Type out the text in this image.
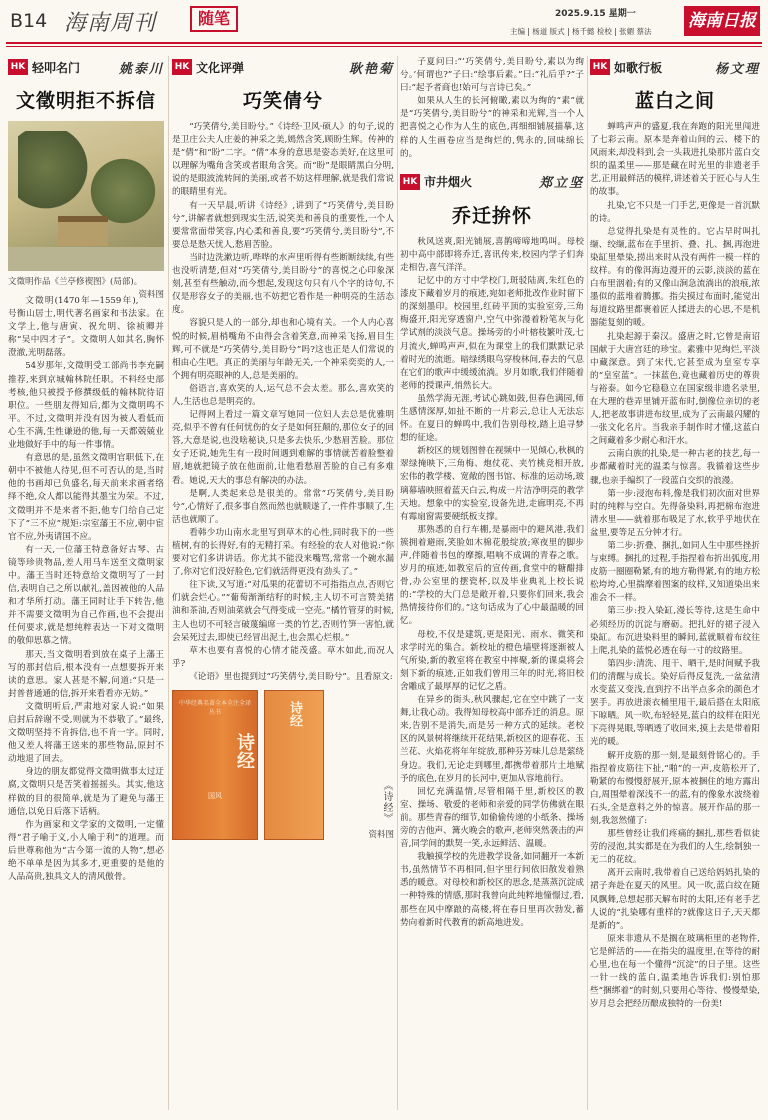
B14 海南周刊	随笔	2025.9.15 星期一
主编 | 杨道 版式 | 杨千懿 检校 | 张媚 蔡法
海南日报
HK 轻叩名门	姚泰川
文徵明拒不拆信
文徵明作品《兰亭修禊图》(局部)。
资料图

文徵明(1470年—1559年),号衡山居士,明代著名画家和书法家。在文学上,他与唐寅、祝允明、徐祯卿并称“吴中四才子”。文徵明人如其名,胸怀澄澈,光明磊落。

54岁那年,文徵明受工部尚书李充嗣推荐,来到京城翰林院任职。不料经史部考核,他只被授予修撰级低的翰林院待诏职位。一些朋友得知后,都为文徵明鸣不平。不过,文徵明并没有因为被人看低而心生不满,生性谦逊的他,每一天都兢兢业业地做好手中的每一件事情。

有意思的是,虽然文徵明官职低下,在朝中不被他人待见,但不可否认的是,当时他的书画却已负盛名,每天前来求画者络绎不绝,众人都以能得其墨宝为荣。不过,文徵明并不是来者不拒,他专门给自己定下了“三不应”规矩:宗室藩王不应,朝中宦官不应,外夷请国不应。

有一天,一位藩王特意备好古琴、古镜等珍贵物品,差人用马车送至文徵明家中。藩王当时还特意给文徵明写了一封信,表明自己之所以献礼,盖因被他的人品和才华所打动。藩王同时让手下转告,他并不需要文徵明为自己作画,也不会提出任何要求,就是想纯粹表达一下对文徵明的敬仰思慕之情。

那天,当文徵明看到放在桌子上藩王写的那封信后,根本没有一点想要拆开来读的意思。家人甚是不解,问道:“只是一封普普通通的信,拆开来看看亦无妨。”

文徵明听后,严肃地对家人说:“如果启封后辞谢不受,则就为不恭敬了。”最终,文徵明坚持不肯拆信,也不肯一字。同时,他又差人将藩王送来的那些物品,原封不动地退了回去。

身边的朋友都觉得文徵明做事太过迂腐,文徵明只是苦笑着摇摇头。其实,他这样做的目的很简单,就是为了避免与藩王通信,以免日后落下话柄。

作为画家和文学家的文徵明,一定懂得“君子喻于义,小人喻于利”的道理。而后世尊称他为“古今第一流的人物”,想必绝不单单是因为其多才,更重要的是他的人品高贵,独具文人的清风傲骨。

HK 文化评弹	耿艳菊
巧笑倩兮

“巧笑倩兮,美目盼兮。”《诗经·卫风·硕人》的句子,说的是卫庄公夫人庄姜的神采之美,嫣然含笑,顾盼生辉。传神的是“倩”和“盼”二字。“倩”本身的意思是姿态美好,在这里可以理解为嘴角含笑或者眼角含笑。而“盼”是眼睛黑白分明,说的是眼波流转间的美丽,或者不妨这样理解,就是我们常说的眼睛里有光。

有一天早晨,听讲《诗经》,讲到了“巧笑倩兮,美目盼兮”,讲解者就想到现实生活,说笑美和善良的重要性,一个人要常常面带笑容,内心柔和善良,要“巧笑倩兮,美目盼兮”,不要总是愁天忧人,愁眉苦脸。

当时边洗漱边听,哗哗的水声里听得有些断断续续,有些也没听清楚,但对“巧笑倩兮,美目盼兮”的喜悦之心印象深刻,甚至有些触动,而今想起,发现这句只有八个字的诗句,不仅是形容女子的美丽,也不妨把它看作是一种明亮的生活态度。

容貌只是人的一部分,却也和心境有关。一个人内心喜悦的时候,眉梢嘴角不由得会含着笑意,而神采飞扬,眉目生辉,可不就是“巧笑倩兮,美目盼兮”吗?这也正是人们常说的相由心生吧。真正的美丽与年龄无关,一个神采奕奕的人,一个拥有明亮眼神的人,总是美丽的。

俗语言,喜欢笑的人,运气总不会太差。那么,喜欢笑的人,生活也总是明亮的。

记得网上看过一篇文章写她同一位妇人去总是优雅明亮,似乎不曾有任何忧伤的女子是如何狂颠的,那位女子的回答,大意是说,也没啥秘诀,只是多去快乐,少愁眉苦脸。那位女子还说,她先生有一段时间遇到难解的事情就苦着脸整着眉,她就把镜子放在他面前,让他看愁眉苦脸的自己有多难看。她说,天大的事总有解决的办法。

是啊,人类起来总是很美的。常常“巧笑倩兮,美目盼兮”,心情好了,很多事自然而然也就顺遂了,一件件事顺了,生活也就顺了。

看韩少功山南水北里写到草木的心性,同时我下的一些植树,有的长得好,有的无精打采。有经验的农人对他说:“你要对它们多讲讲话。你尤其不能没来嘴骂,常常一个碗水漏了,你对它们没好脸色,它们就活得更没有劲头了。”

往下读,又写道:“对瓜果的花蕾切不可指指点点,否则它们就会烂心。”“葡萄渐渐结籽的时候,主人切不可言赞美猪油和茶油,否则油菜就会气得变成一空壳。”橘竹管芽的时候,主人也切不可轻言破蔑编席一类的竹艺,否则竹笋一害怕,就会呆死过去,即使已经冒出泥土,也会黑心烂根。”

草木也要有喜悦的心情才能茂盛。草木如此,而况人乎?

《论语》里也提到过“巧笑倩兮,美目盼兮”。且看原文:

中华经典名著全本全注全译丛书
诗经
国风
诗经
《诗经》
资料图

子夏问曰:“‘巧笑倩兮,美目盼兮,素以为绚兮。’何谓也?”子曰:“绘事后素。”曰:“礼后乎?”子曰:“起予者商也!始可与言诗已矣。”

如果从人生的长河俯瞰,素以为绚的“素”就是“巧笑倩兮,美目盼兮”的神采和光辉,当一个人把喜悦之心作为人生的底色,再细细铺展描摹,这样的人生画卷应当是绚烂的,隽永的,回味绵长的。

HK 市井烟火	郑立坚
乔迁拚怀

秋风送爽,阳光铺展,喜鹊啼啼地鸣叫。母校初中高中部即将乔迁,喜讯传来,校园内学子们奔走相告,喜气洋洋。

记忆中的方寸中学校门,斑驳陆离,朱红色的漆皮下藏着岁月的痕迹,宛如老师批改作业时留下的深刻墨印。校园里,红砖平顶的实验室旁,三角梅盛开,阳光穿透窗户,空气中弥漫着粉笔灰与化学试剂的淡淡气息。操场旁的小叶榕枝繁叶茂,七月流火,蝉鸣声声,似在为课堂上的我们默默记录着时光的流逝。暗绿绣眼鸟穿梭林间,春去的气息在它们的歌声中缓缓流淌。岁月如歌,我们伴随着老师的授课声,悄然长大。

虽然学海无涯,考试心跳如鼓,但春色满园,师生感情深厚,如扯不断的一片彩云,总让人无法忘怀。在夏日的蝉鸣中,我们告别母校,踏上追寻梦想的征途。

新校区的规划图曾在视频中一见倾心,秋枫的翠绿掩映下,三角梅、炮仗花、夹竹桃竞相开放,宏伟的教学楼、宽敞的图书馆、标准的运动场,玻璃幕墙映照着蓝天白云,构成一片洁净明亮的教学天地。想象中的实验室,设备先进,走廊明亮,不再有霉扇窗需要硬纸板支撑。

那熟悉的自行车棚,是暴雨中的避风港,我们簇拥着避雨,笑脸如木棉花般绽放;寒夜里的脚步声,伴随着书包的摩擦,唱响不成调的青春之歌。岁月的痕迹,如教室后的宣传画,食堂中的糖醋排骨,办公室里的摆瓷杯,以及毕业典礼上校长说的:“学校的大门总是敞开着,只要你们回来,我会热情接待你们的。”这句话成为了心中最温暖的回忆。

母校,不仅是建筑,更是阳光、雨水、微笑和求学时光的集合。新校址的橙色墙壁将逐渐被人气所染,新的教室将在教室中摔聚,新的课桌将会刻下新的痕迹,正如我们曾用三年的时光,将旧校舍雕成了最厚厚的记忆之盾。

在异乡的街头,秋风骤起,它在空中跳了一支舞,让我心动。我得知母校高中部乔迁的消息。原来,告别不是消失,而是另一种方式的延续。老校区的风景树将继续开花结果,新校区的迎春花、玉兰花、火焰花将年年绽放,那种芬芳味儿总是萦绕身边。我们,无论走到哪里,都携带着那片土地赋予的底色,在岁月的长河中,更加从容地前行。

回忆充满温情,尽管相隔千里,新校区的教室、操场、敬爱的老师和亲爱的同学仿佛就在眼前。那些青春的细节,如偷偷传递的小纸条、操场旁的吉他声、篝火晚会的歌声,老师突然袭击的声音,同学间的默契一笑,永远鲜活、温暖。

我触摸学校的先进教学设备,如同翻开一本新书,虽然情节不再相同,但字里行间依旧散发着熟悉的暖意。对母校和新校区的思念,是蒸蒸沉淀成一种特殊的情感,那时我曾向此纯粹地憧憬过,看,那些在风中摩踉的高楼,将在春日里再次勃发,蓄势向着新时代教育的新高地进发。

HK 如歌行板	杨文理
蓝白之间

蝉鸣声声的盛夏,我在奔跑的阳光里闯进了七彩云南。原本是奔着山间的云、楼下的风雨来,却没料到,会一头栽进扎染那片蓝白交织的温柔里——那是藏在时光里的非遗老手艺,正用最鲜活的模样,讲述着关于匠心与人生的故事。

扎染,它不只是一门手艺,更像是一首沉默的诗。

总觉得扎染是有灵性的。它占早时叫扎缬、绞缬,蓝布在手里折、叠、扎、捆,再泡进染缸里晕染,捞出来时从没有两件一模一样的纹样。有的像洱海边漫开的云影,淡淡的蓝在白布里洇着;有的又像山涧急流淌出的浪痕,浓墨似的蓝堆着腾挪。指尖摸过布面时,能觉出每道纹路里都裹着匠人揉进去的心思,不是机器能复刻的暖。

扎染起源于秦汉。盛唐之时,它曾是南诏国献于大唐宫廷的珍宝。素雅中见绚烂,平淡中藏深意。到了宋代,它甚至成为皇室专享的“皇室蓝”。一抹蓝色,竟也藏着历史的尊贵与裕泰。如今它稳稳立在国家级非遗名录里,在大理的巷弄里铺开蓝布时,倒像位亲切的老人,把老故事讲进布纹里,成为了云南最闪耀的一张文化名片。当我亲手制作时才懂,这蓝白之间藏着多少耐心和汗水。

云南白族的扎染,是一种古老的技艺,每一步都藏着时光的温柔与惊喜。我循着这些步骤,也亲手编织了一段蓝白交织的浪漫。

第一步:浸泡布料,像是我们初次面对世界时的纯粹与空白。先得备染料,再把棉布泡进清水里——就着那布吸足了水,软乎乎地伏在盆里,要等足五分钟才行。

第二步:折叠、捆扎,如同人生中那些挫折与束缚。捆扎的过程,手指捏着布折出弧度,用皮筋一圈圈勒紧,有的地方勒得紧,有的地方松松垮垮,心里揣摩着图案的纹样,又知道染出来准会不一样。

第三步:投入染缸,漫长等待,这是生命中必须经历的沉淀与磨砺。把扎好的裙子浸入染缸。布沉进染料里的瞬间,蓝就顺着布纹往上爬,扎染的蓝悦必透在每一寸的纹路里。

第四步:清洗、甩干、晒干,是时间赋予我们的清醒与成长。染好后得反复洗,一盆盆清水变蓝又变浅,直到拧不出半点多余的颜色才罢手。再放进滚衣桶里甩干,最后搭在太阳底下晾晒。风一吹,布轻轻晃,蓝白的纹样在阳光下亮得晃眼,等晒透了收回来,摸上去是带着阳光的暖。

解开皮筋的那一刻,是最刻骨铭心的。手指捏着皮筋往下扯,“啪”的一声,皮筋松开了,勒紧的布慢慢舒展开,原本被捆住的地方露出白,周围晕着深浅不一的蓝,有的像象水波绕着石头,全是意料之外的惊喜。展开作品的那一刻,我忽然懂了:

那些曾经让我们疼痛的捆扎,那些看似徒劳的浸泡,其实都是在为我们的人生,绘制独一无二的花纹。

离开云南时,我带着自己送给妈妈扎染的裙子奔赴在夏天的风里。风一吹,蓝白纹在随风飘舞,总想起那天解布时的太阳,还有老手艺人说的“扎染哪有重样的?就像这日子,天天都是新的”。

原来非遗从不是搁在玻璃柜里的老物件,它是鲜活的——在指尖的温度里,在等待的耐心里,也在每一个懂得“沉淀”的日子里。这些一针一线的蓝白,温柔地告诉我们:别怕那些“捆绑着”的时刻,只要用心等待、慢慢晕染,岁月总会把经历酿成独特的一份美!
